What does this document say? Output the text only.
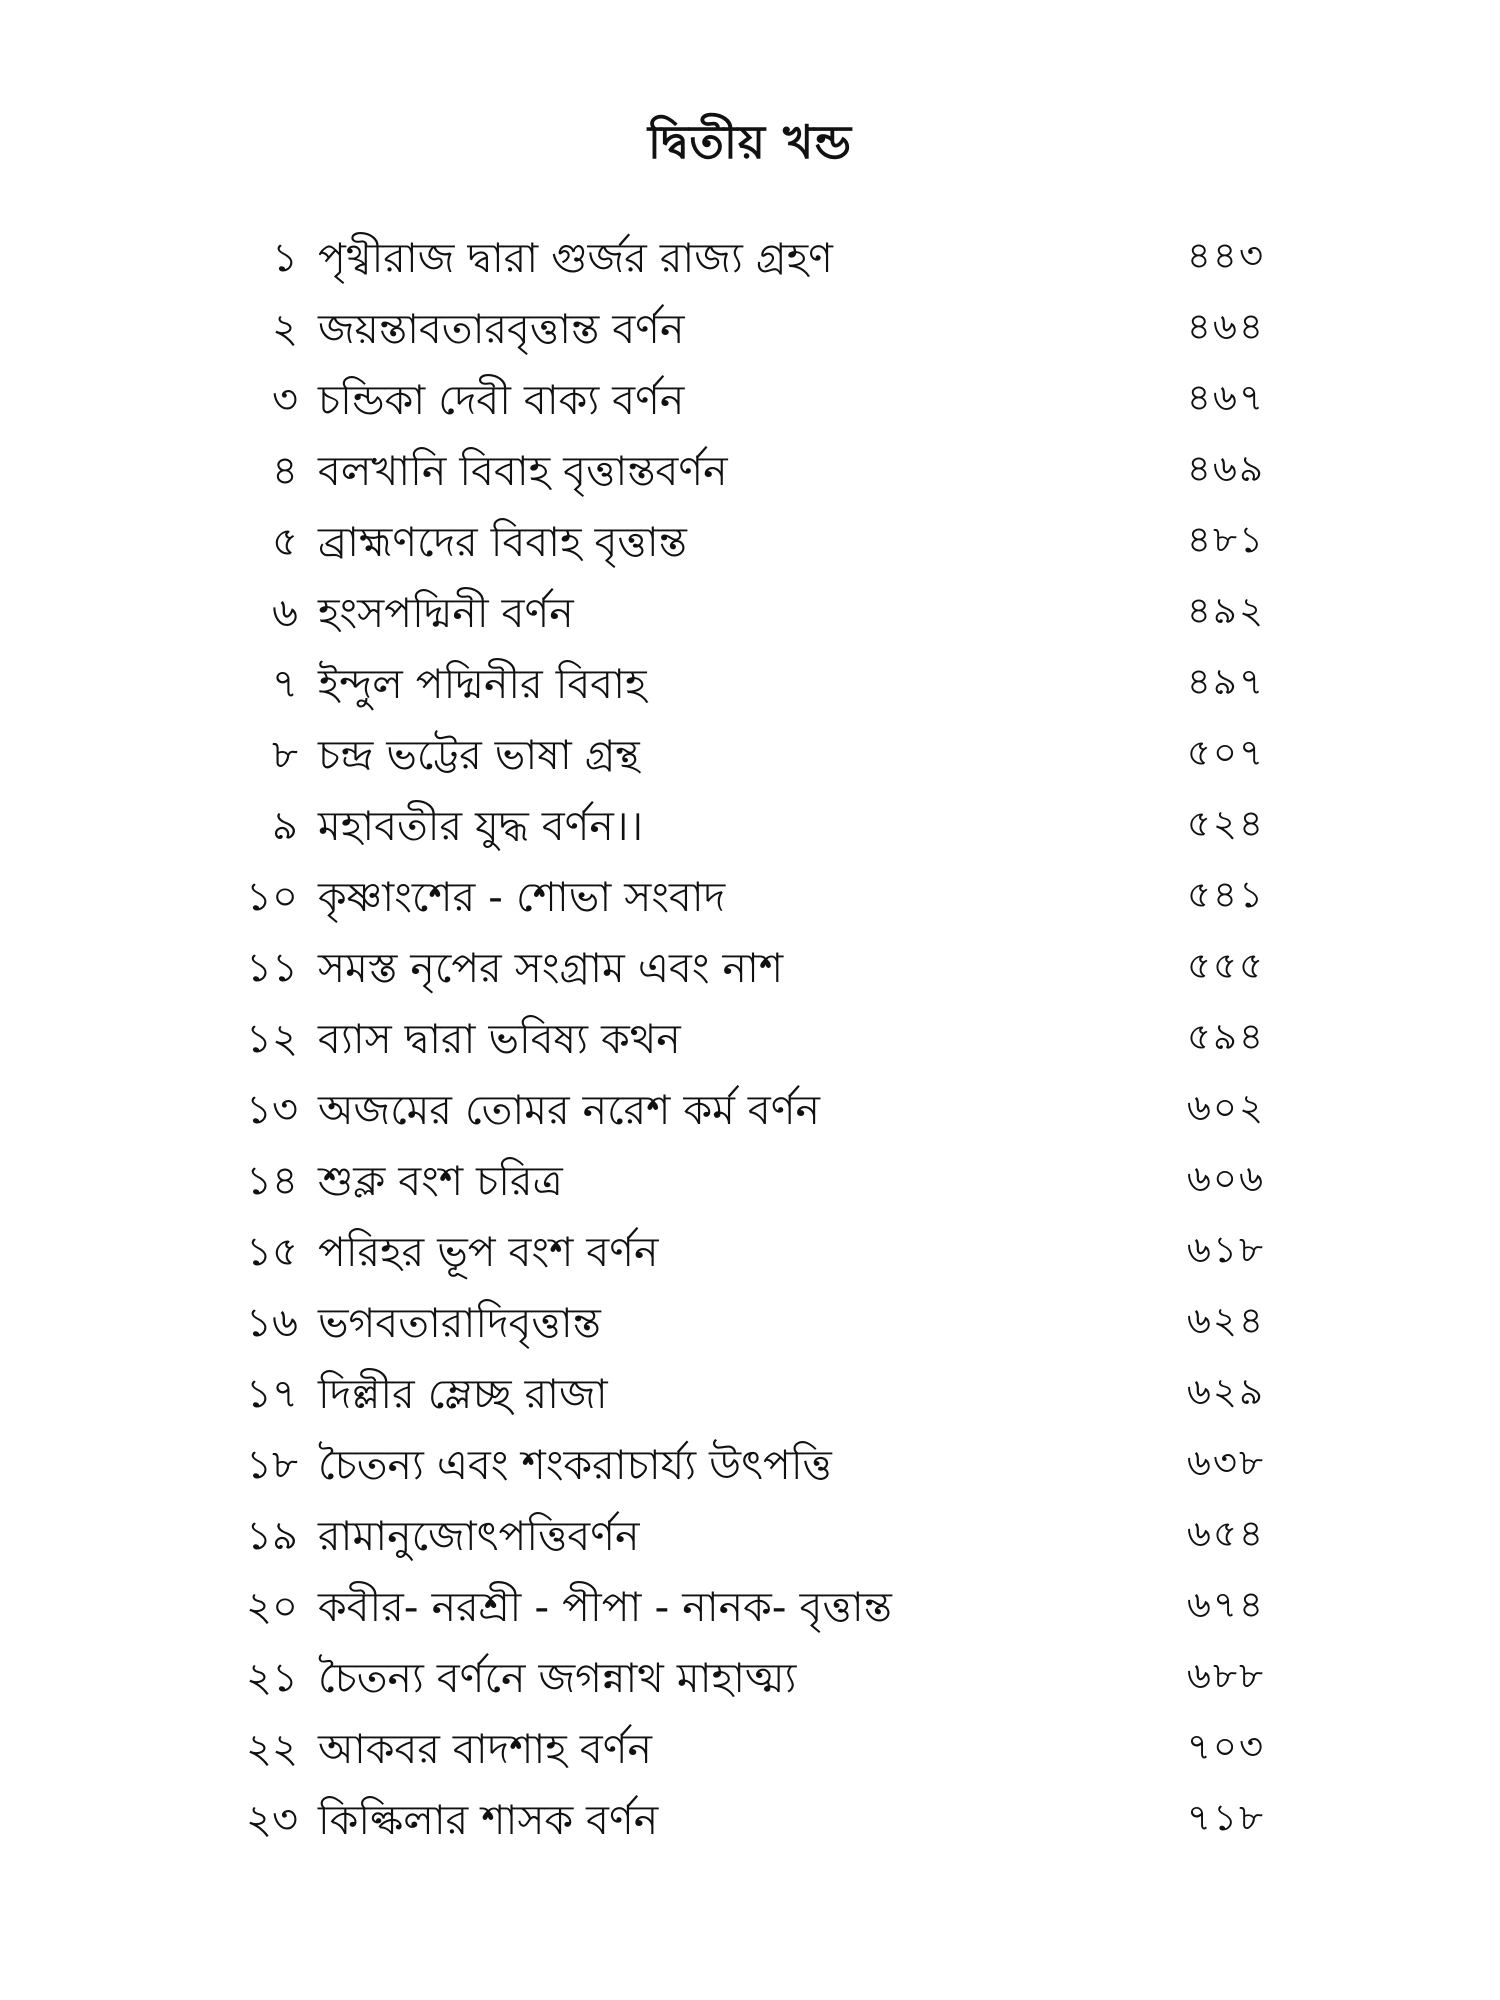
দ্বিতীয় খন্ড
১ পৃথ্বীরাজ দ্বারা গুর্জর রাজ্য গ্রহণ	৪৪৩
২ জয়ন্তাবতারবৃত্তান্ত বর্ণন	৪৬৪
৩ চন্ডিকা দেবী বাক্য বর্ণন	৪৬৭
৪ বলখানি বিবাহ বৃত্তান্তবর্ণন	৪৬৯
৫ ব্রাহ্মণদের বিবাহ বৃত্তান্ত	৪৮১
৬ হংসপদ্মিনী বর্ণন	৪৯২
৭ ইন্দুল পদ্মিনীর বিবাহ	৪৯৭
৮ চন্দ্র ভট্টের ভাষা গ্রন্থ	৫০৭
৯ মহাবতীর যুদ্ধ বর্ণন।।	৫২৪
১০ কৃষ্ণাংশের - শোভা সংবাদ	৫৪১
১১ সমস্ত নৃপের সংগ্রাম এবং নাশ	৫৫৫
১২ ব্যাস দ্বারা ভবিষ্য কথন	৫৯৪
১৩ অজমের তোমর নরেশ কর্ম বর্ণন	৬০২
১৪ শুক্ল বংশ চরিত্র	৬০৬
১৫ পরিহর ভূপ বংশ বর্ণন	৬১৮
১৬ ভগবতারাদিবৃত্তান্ত	৬২৪
১৭ দিল্লীর ম্লেচ্ছ রাজা	৬২৯
১৮ চৈতন্য এবং শংকরাচার্য্য উৎপত্তি	৬৩৮
১৯ রামানুজোৎপত্তিবর্ণন	৬৫৪
২০ কবীর- নরশ্রী - পীপা - নানক- বৃত্তান্ত	৬৭৪
২১ চৈতন্য বর্ণনে জগন্নাথ মাহাত্ম্য	৬৮৮
২২ আকবর বাদশাহ বর্ণন	৭০৩
২৩ কিল্কিলার শাসক বর্ণন	৭১৮
